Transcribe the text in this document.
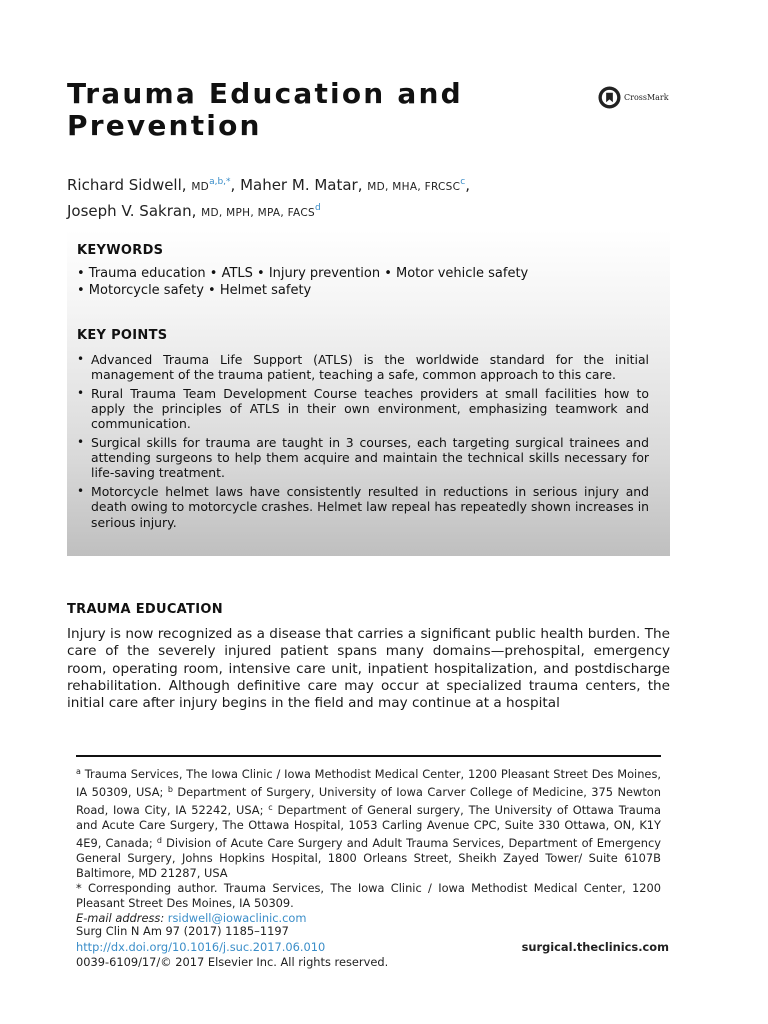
Trauma Education and Prevention
CrossMark
Richard Sidwell, $MD^{a,b,*}$, Maher M. Matar, MD, MHA, FRCSC$^c$,
Joseph V. Sakran, MD, MPH, MPA, FACS$^d$
KEYWORDS
• Trauma education • ATLS • Injury prevention • Motor vehicle safety
• Motorcycle safety • Helmet safety
KEY POINTS
• Advanced Trauma Life Support (ATLS) is the worldwide standard for the initial management of the trauma patient, teaching a safe, common approach to this care.
• Rural Trauma Team Development Course teaches providers at small facilities how to apply the principles of ATLS in their own environment, emphasizing teamwork and communication.
• Surgical skills for trauma are taught in 3 courses, each targeting surgical trainees and attending surgeons to help them acquire and maintain the technical skills necessary for life-saving treatment.
• Motorcycle helmet laws have consistently resulted in reductions in serious injury and death owing to motorcycle crashes. Helmet law repeal has repeatedly shown increases in serious injury.
TRAUMA EDUCATION

Injury is now recognized as a disease that carries a significant public health burden. The care of the severely injured patient spans many domains—prehospital, emergency room, operating room, intensive care unit, inpatient hospitalization, and postdischarge rehabilitation. Although definitive care may occur at specialized trauma centers, the initial care after injury begins in the field and may continue at a hospital

$^a$ Trauma Services, The Iowa Clinic / Iowa Methodist Medical Center, 1200 Pleasant Street Des Moines, IA 50309, USA; $^b$ Department of Surgery, University of Iowa Carver College of Medicine, 375 Newton Road, Iowa City, IA 52242, USA; $^c$ Department of General surgery, The University of Ottawa Trauma and Acute Care Surgery, The Ottawa Hospital, 1053 Carling Avenue CPC, Suite 330 Ottawa, ON, K1Y 4E9, Canada; $^d$ Division of Acute Care Surgery and Adult Trauma Services, Department of Emergency General Surgery, Johns Hopkins Hospital, 1800 Orleans Street, Sheikh Zayed Tower/ Suite 6107B Baltimore, MD 21287, USA

* Corresponding author. Trauma Services, The Iowa Clinic / Iowa Methodist Medical Center, 1200 Pleasant Street Des Moines, IA 50309.

E-mail address: rsidwell@iowaclinic.com

Surg Clin N Am 97 (2017) 1185–1197
http://dx.doi.org/10.1016/j.suc.2017.06.010
0039-6109/17/© 2017 Elsevier Inc. All rights reserved.
surgical.theclinics.com
